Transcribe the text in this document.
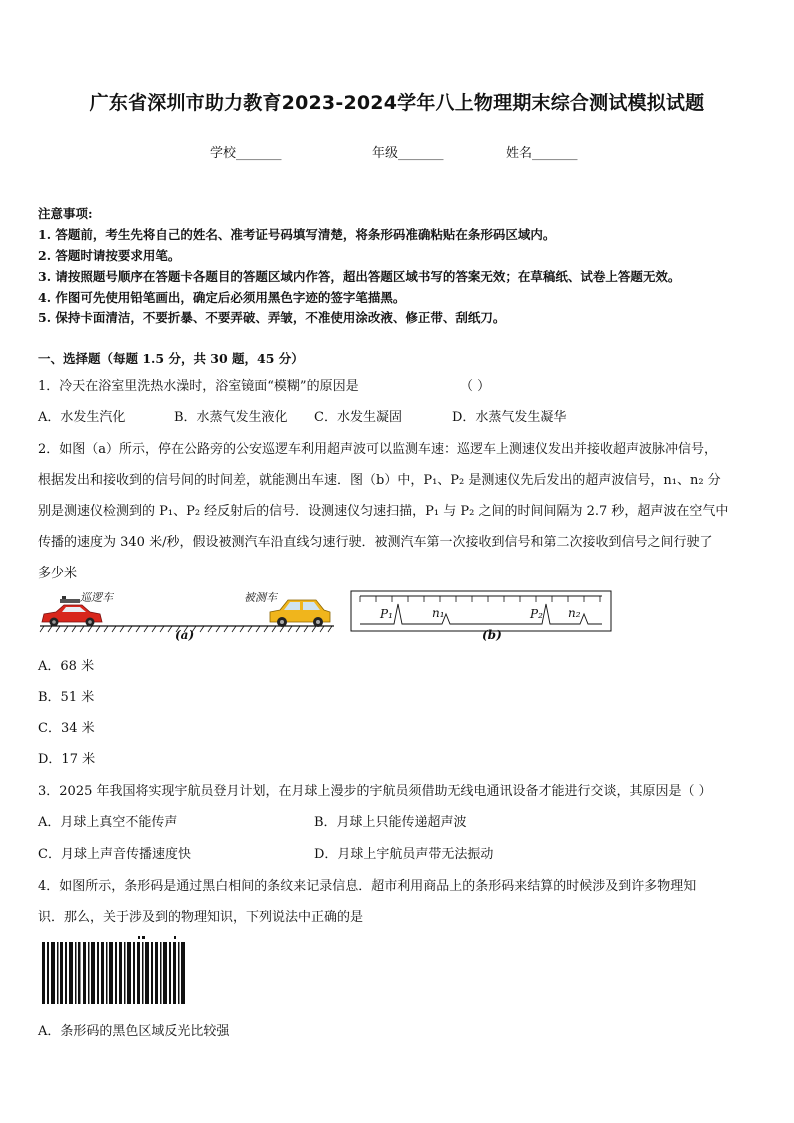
广东省深圳市助力教育2023-2024学年八上物理期末综合测试模拟试题
学校_______	年级_______	姓名_______
注意事项:
1. 答题前，考生先将自己的姓名、准考证号码填写清楚，将条形码准确粘贴在条形码区域内。
2. 答题时请按要求用笔。
3. 请按照题号顺序在答题卡各题目的答题区域内作答，超出答题区域书写的答案无效；在草稿纸、试卷上答题无效。
4. 作图可先使用铅笔画出，确定后必须用黑色字迹的签字笔描黑。
5. 保持卡面清洁，不要折暴、不要弄破、弄皱，不准使用涂改液、修正带、刮纸刀。
一、选择题（每题 1.5 分，共 30 题，45 分）
1．冷天在浴室里洗热水澡时，浴室镜面“模糊”的原因是	（ ）
A．水发生汽化	B．水蒸气发生液化 C．水发生凝固	D．水蒸气发生凝华
2．如图（a）所示，停在公路旁的公安巡逻车利用超声波可以监测车速：巡逻车上测速仪发出并接收超声波脉冲信号，
根据发出和接收到的信号间的时间差，就能测出车速．图（b）中，P₁、P₂ 是测速仪先后发出的超声波信号，n₁、n₂ 分
别是测速仪检测到的 P₁、P₂ 经反射后的信号．设测速仪匀速扫描，P₁ 与 P₂ 之间的时间间隔为 2.7 秒，超声波在空气中
传播的速度为 340 米/秒，假设被测汽车沿直线匀速行驶．被测汽车第一次接收到信号和第二次接收到信号之间行驶了
多少米
巡逻车	被测车
(a)
P₁	n₁	P₂ n₂
(b)
A．68 米
B．51 米
C．34 米
D．17 米
3．2025 年我国将实现宇航员登月计划，在月球上漫步的宇航员须借助无线电通讯设备才能进行交谈，其原因是（ ）
A．月球上真空不能传声	B．月球上只能传递超声波
C．月球上声音传播速度快	D．月球上宇航员声带无法振动
4．如图所示，条形码是通过黑白相间的条纹来记录信息．超市利用商品上的条形码来结算的时候涉及到许多物理知
识．那么，关于涉及到的物理知识，下列说法中正确的是
A．条形码的黑色区域反光比较强
